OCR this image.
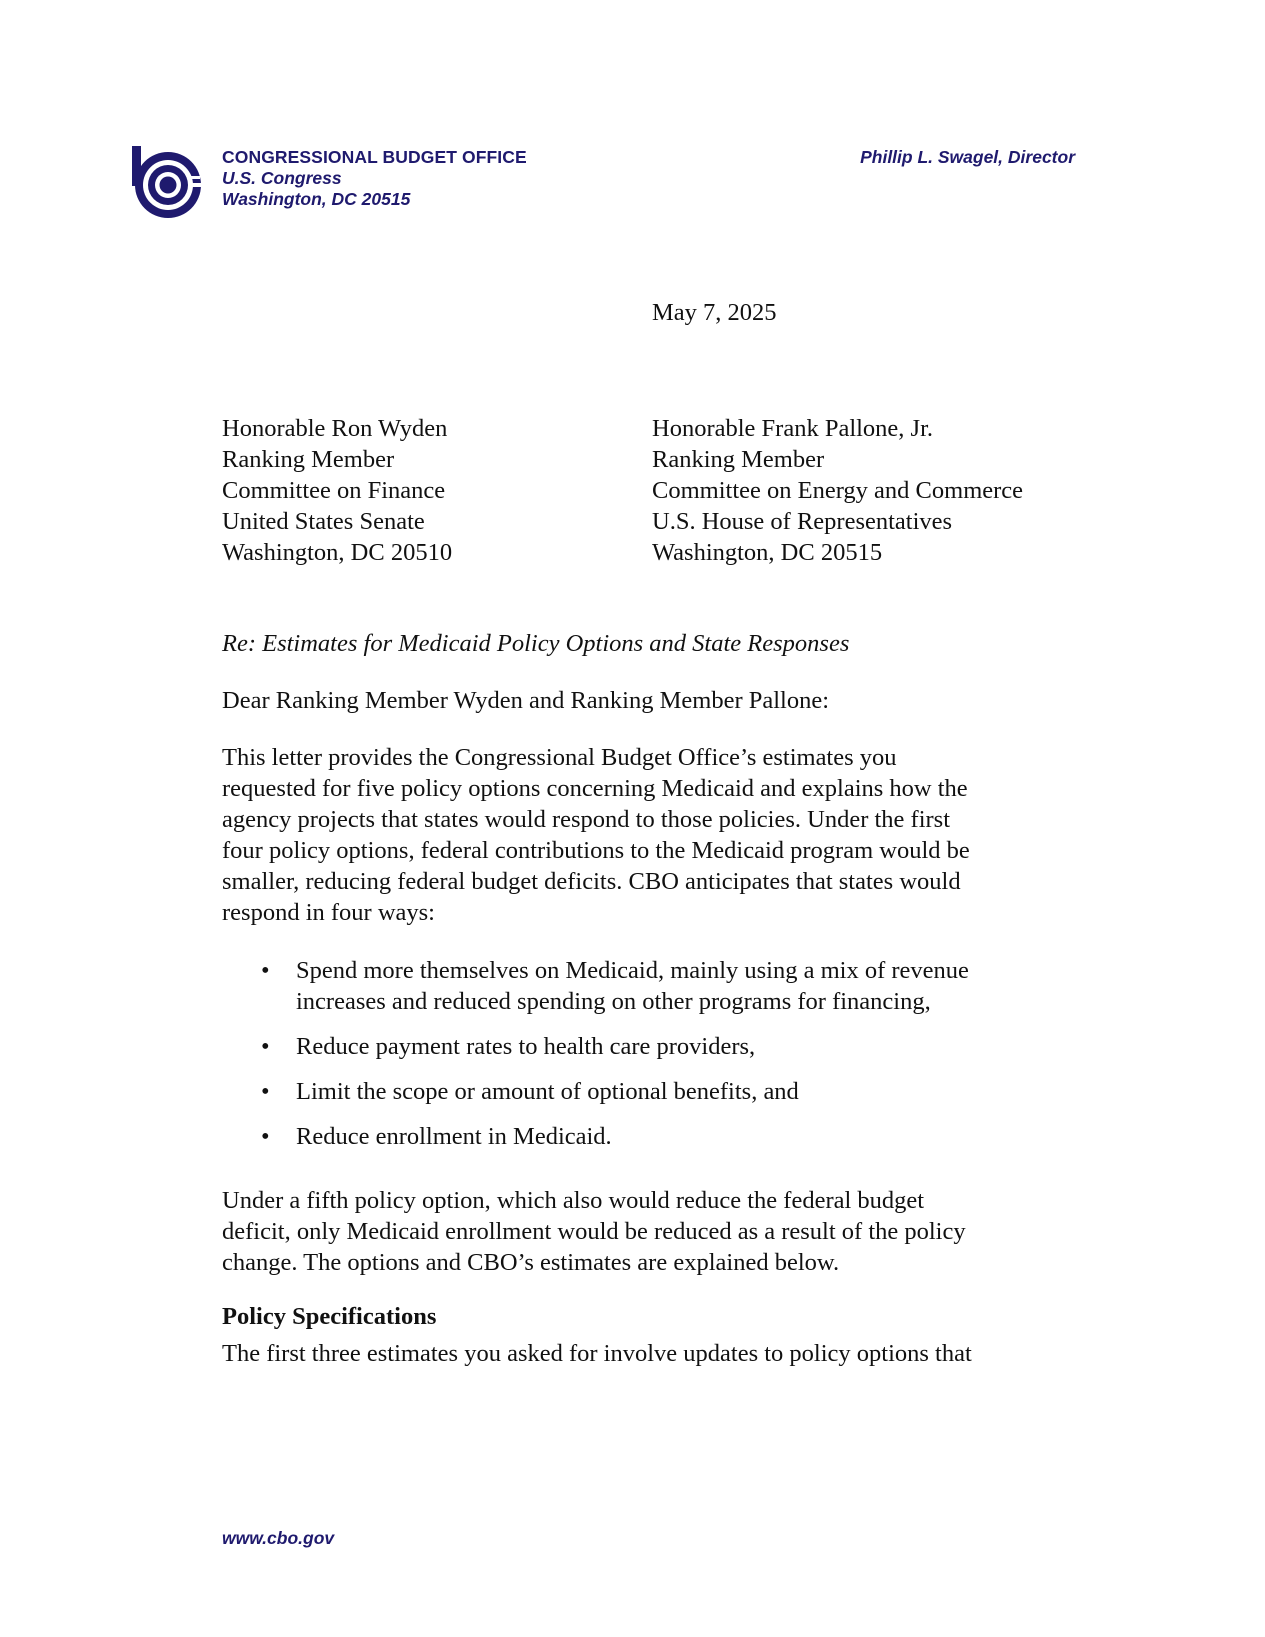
CONGRESSIONAL BUDGET OFFICE
U.S. Congress
Washington, DC 20515
Phillip L. Swagel, Director
May 7, 2025
Honorable Ron Wyden
Ranking Member
Committee on Finance
United States Senate
Washington, DC 20510
Honorable Frank Pallone, Jr.
Ranking Member
Committee on Energy and Commerce
U.S. House of Representatives
Washington, DC 20515
Re: Estimates for Medicaid Policy Options and State Responses
Dear Ranking Member Wyden and Ranking Member Pallone:
This letter provides the Congressional Budget Office’s estimates you
requested for five policy options concerning Medicaid and explains how the
agency projects that states would respond to those policies. Under the first
four policy options, federal contributions to the Medicaid program would be
smaller, reducing federal budget deficits. CBO anticipates that states would
respond in four ways:
• Spend more themselves on Medicaid, mainly using a mix of revenue
increases and reduced spending on other programs for financing,
• Reduce payment rates to health care providers,
• Limit the scope or amount of optional benefits, and
• Reduce enrollment in Medicaid.
Under a fifth policy option, which also would reduce the federal budget
deficit, only Medicaid enrollment would be reduced as a result of the policy
change. The options and CBO’s estimates are explained below.
Policy Specifications
The first three estimates you asked for involve updates to policy options that
www.cbo.gov
